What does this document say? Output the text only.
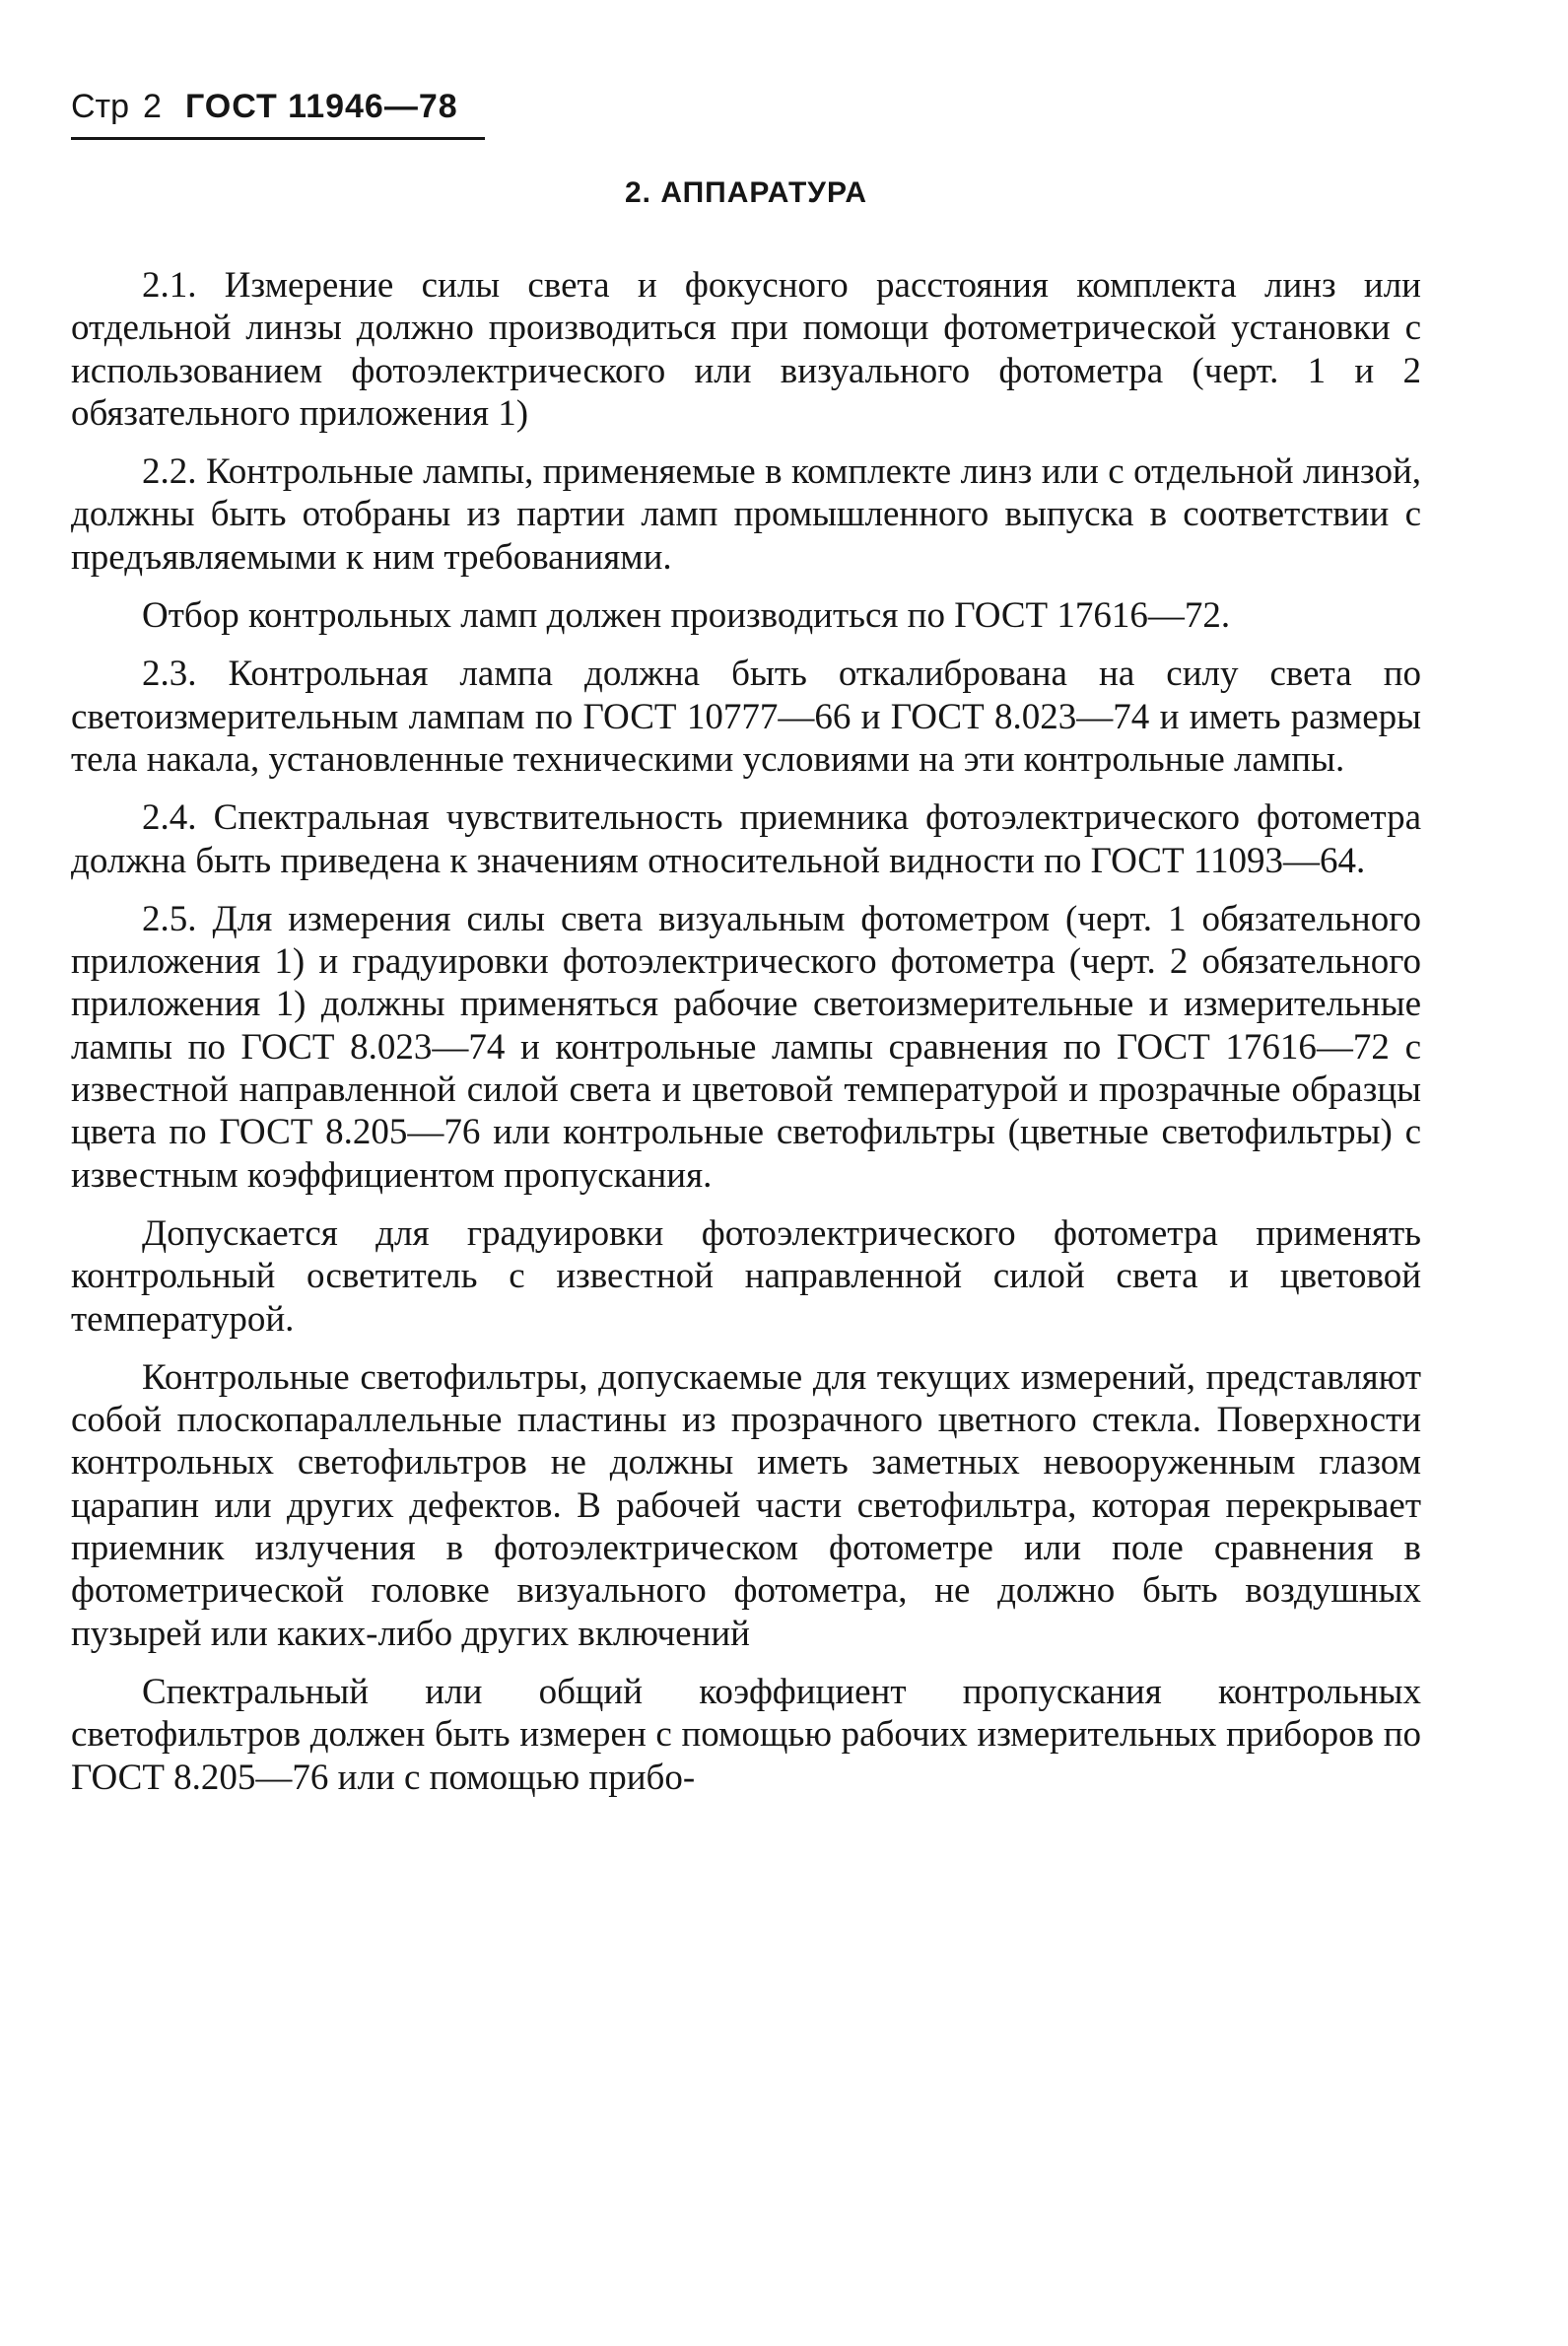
Стр 2 ГОСТ 11946—78
2. АППАРАТУРА

2.1. Измерение силы света и фокусного расстояния комплекта линз или отдельной линзы должно производиться при помощи фотометрической установки с использованием фотоэлектрического или визуального фотометра (черт. 1 и 2 обязательного приложения 1)

2.2. Контрольные лампы, применяемые в комплекте линз или с отдельной линзой, должны быть отобраны из партии ламп промышленного выпуска в соответствии с предъявляемыми к ним требованиями.

Отбор контрольных ламп должен производиться по ГОСТ 17616—72.

2.3. Контрольная лампа должна быть откалиброванa на силу света по светоизмерительным лампам по ГОСТ 10777—66 и ГОСТ 8.023—74 и иметь размеры тела накала, установленные техническими условиями на эти контрольные лампы.

2.4. Спектральная чувствительность приемника фотоэлектрического фотометра должна быть приведена к значениям относительной видности по ГОСТ 11093—64.

2.5. Для измерения силы света визуальным фотометром (черт. 1 обязательного приложения 1) и градуировки фотоэлектрического фотометра (черт. 2 обязательного приложения 1) должны применяться рабочие светоизмерительные и измерительные лампы по ГОСТ 8.023—74 и контрольные лампы сравнения по ГОСТ 17616—72 с известной направленной силой света и цветовой температурой и прозрачные образцы цвета по ГОСТ 8.205—76 или контрольные светофильтры (цветные светофильтры) с известным коэффициентом пропускания.

Допускается для градуировки фотоэлектрического фотометра применять контрольный осветитель с известной направленной силой света и цветовой температурой.

Контрольные светофильтры, допускаемые для текущих измерений, представляют собой плоскопараллельные пластины из прозрачного цветного стекла. Поверхности контрольных светофильтров не должны иметь заметных невооруженным глазом царапин или других дефектов. В рабочей части светофильтра, которая перекрывает приемник излучения в фотоэлектрическом фотометре или поле сравнения в фотометрической головке визуального фотометра, не должно быть воздушных пузырей или каких-либо других включений

Спектральный или общий коэффициент пропускания контрольных светофильтров должен быть измерен с помощью рабочих измерительных приборов по ГОСТ 8.205—76 или с помощью прибо-
